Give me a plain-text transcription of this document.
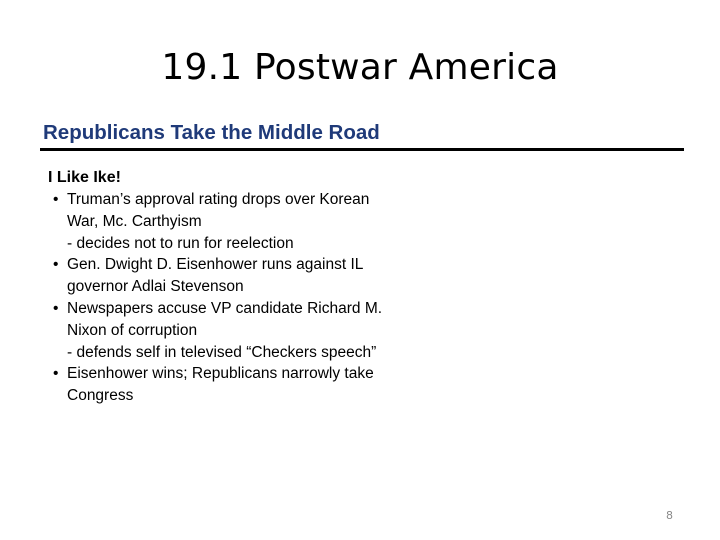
19.1 Postwar America
Republicans Take the Middle Road
I Like Ike!
• Truman’s approval rating drops over Korean
War, Mc. Carthyism
- decides not to run for reelection
• Gen. Dwight D. Eisenhower runs against IL
governor Adlai Stevenson
• Newspapers accuse VP candidate Richard M.
Nixon of corruption
- defends self in televised “Checkers speech”
• Eisenhower wins; Republicans narrowly take
Congress
8
